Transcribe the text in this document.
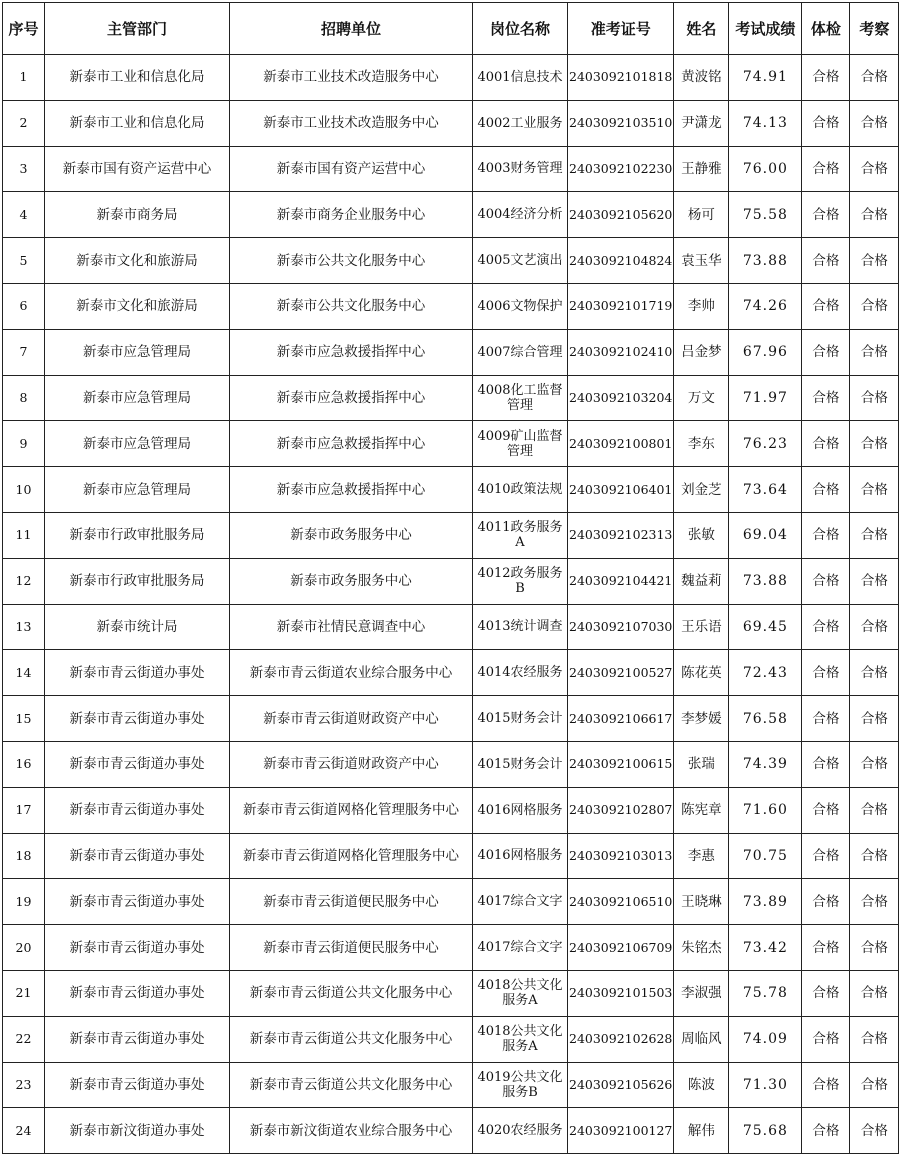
序号	主管部门	招聘单位	岗位名称	准考证号	姓名	考试成绩	体检	考察
1	新泰市工业和信息化局	新泰市工业技术改造服务中心	4001信息技术	2403092101818	黄波铭	74.91	合格	合格
2	新泰市工业和信息化局	新泰市工业技术改造服务中心	4002工业服务	2403092103510	尹潇龙	74.13	合格	合格
3	新泰市国有资产运营中心	新泰市国有资产运营中心	4003财务管理	2403092102230	王静雅	76.00	合格	合格
4	新泰市商务局	新泰市商务企业服务中心	4004经济分析	2403092105620	杨可	75.58	合格	合格
5	新泰市文化和旅游局	新泰市公共文化服务中心	4005文艺演出	2403092104824	袁玉华	73.88	合格	合格
6	新泰市文化和旅游局	新泰市公共文化服务中心	4006文物保护	2403092101719	李帅	74.26	合格	合格
7	新泰市应急管理局	新泰市应急救援指挥中心	4007综合管理	2403092102410	吕金梦	67.96	合格	合格
8	新泰市应急管理局	新泰市应急救援指挥中心	4008化工监督管理	2403092103204	万文	71.97	合格	合格
9	新泰市应急管理局	新泰市应急救援指挥中心	4009矿山监督管理	2403092100801	李东	76.23	合格	合格
10	新泰市应急管理局	新泰市应急救援指挥中心	4010政策法规	2403092106401	刘金芝	73.64	合格	合格
11	新泰市行政审批服务局	新泰市政务服务中心	4011政务服务A	2403092102313	张敏	69.04	合格	合格
12	新泰市行政审批服务局	新泰市政务服务中心	4012政务服务B	2403092104421	魏益莉	73.88	合格	合格
13	新泰市统计局	新泰市社情民意调查中心	4013统计调查	2403092107030	王乐语	69.45	合格	合格
14	新泰市青云街道办事处	新泰市青云街道农业综合服务中心	4014农经服务	2403092100527	陈花英	72.43	合格	合格
15	新泰市青云街道办事处	新泰市青云街道财政资产中心	4015财务会计	2403092106617	李梦媛	76.58	合格	合格
16	新泰市青云街道办事处	新泰市青云街道财政资产中心	4015财务会计	2403092100615	张瑞	74.39	合格	合格
17	新泰市青云街道办事处	新泰市青云街道网格化管理服务中心	4016网格服务	2403092102807	陈宪章	71.60	合格	合格
18	新泰市青云街道办事处	新泰市青云街道网格化管理服务中心	4016网格服务	2403092103013	李惠	70.75	合格	合格
19	新泰市青云街道办事处	新泰市青云街道便民服务中心	4017综合文字	2403092106510	王晓琳	73.89	合格	合格
20	新泰市青云街道办事处	新泰市青云街道便民服务中心	4017综合文字	2403092106709	朱铭杰	73.42	合格	合格
21	新泰市青云街道办事处	新泰市青云街道公共文化服务中心	4018公共文化服务A	2403092101503	李淑强	75.78	合格	合格
22	新泰市青云街道办事处	新泰市青云街道公共文化服务中心	4018公共文化服务A	2403092102628	周临风	74.09	合格	合格
23	新泰市青云街道办事处	新泰市青云街道公共文化服务中心	4019公共文化服务B	2403092105626	陈波	71.30	合格	合格
24	新泰市新汶街道办事处	新泰市新汶街道农业综合服务中心	4020农经服务	2403092100127	解伟	75.68	合格	合格
